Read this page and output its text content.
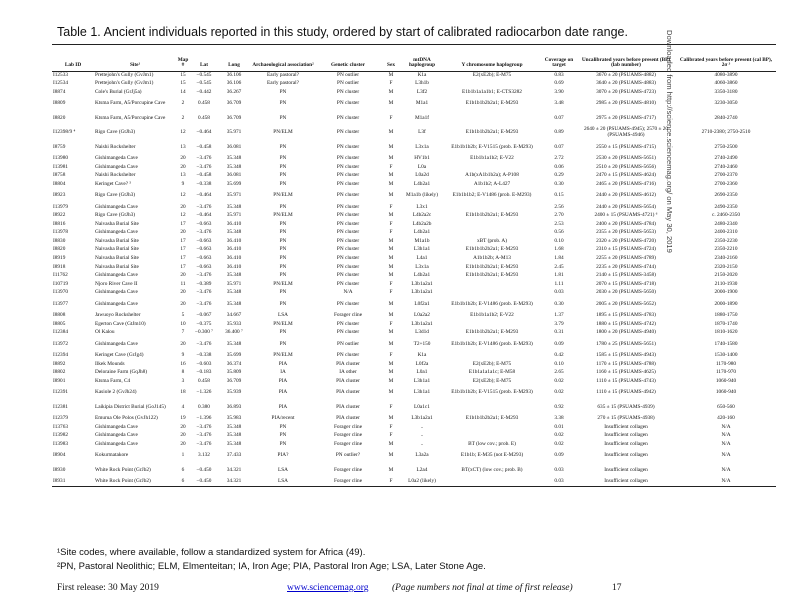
Table 1. Ancient individuals reported in this study, ordered by start of calibrated radiocarbon date range.	Downloaded from http://science.sciencemag.org/ on May 30, 2019
Lab ID	Site¹	Map #	Lat	Long	Archaeological association²	Genetic cluster	Sex	mtDNA haplogroup	Y chromosome haplogroup	Coverage on target	Uncalibrated years before present (BP) (lab number)	Calibrated years before present (cal BP), 2σ ³
I12533	Prettejohn's Gully (GvJm1)	15	−0.545	36.106	Early pastoral?	PN outlier	M	K1a	E2(xE2b); E-M75	0.83	3670 ± 20 (PSUAMS-4882)	4080-3890
I12534	Prettejohn's Gully (GvJm1)	15	−0.545	36.106	Early pastoral?	PN outlier	F	L3h1b		0.69	3640 ± 20 (PSUAMS-4883)	4060-3860
I8874	Cole's Burial (GrJj5a)	14	−0.442	36.267	PN	PN cluster	M	L3f2	E1b1b1a1a1b1; E-CTS3282	3.90	3070 ± 20 (PSUAMS-4723)	3350-3180
I8809	Ktsma Farm, A5/Porcupine Cave	2	0.458	36.709	PN	PN cluster	M	M1a1	E1b1b1b2b2a1; E-M293	3.48	2985 ± 20 (PSUAMS-4810)	3230-3050
I8820	Ktsma Farm, A5/Porcupine Cave	2	0.458	36.709	PN	PN cluster	F	M1a1f		0.07	2975 ± 20 (PSUAMS-4717)	2840-2740
I12398/9 ⁴	Rigo Cave (GtJh3)	12	−0.464	35.971	PN/ELM	PN cluster	M	L3f	E1b1b1b2b2a1; E-M293	0.89	2640 ± 20 (PSUAMS-4945); 2570 ± 20 (PSUAMS-4946)	2710-2380; 2750-2510
I8759	Naishi Rockshelter	13	−0.458	36.081	PN	PN cluster	M	L3x1a	E1b1b1b2b; E-V1515 (prob. E-M293)	0.07	2550 ± 15 (PSUAMS-4715)	2750-2500
I13980	Gishimangeda Cave	20	−3.476	35.348	PN	PN cluster	M	HV1b1	E1b1b1a1b2; E-V22	2.72	2530 ± 20 (PSUAMS-5651)	2740-2490
I13981	Gishimangeda Cave	20	−3.476	35.348	PN	PN cluster	F	L0a		0.06	2510 ± 20 (PSUAMS-5656)	2740-2460
I8758	Naishi Rockshelter	13	−0.458	36.081	PN	PN cluster	M	L0a2d	A1b(xA1b1b2a); A-P108	0.29	2470 ± 15 (PSUAMS-4624)	2700-2370
I8804	Keringet Cave? ⁵	9	−0.338	35.699	PN	PN cluster	M	L4b2a1	A1b1b2; A-L427	0.30	2465 ± 20 (PSUAMS-4716)	2700-2360
I8923	Rigo Cave (GtJh3)	12	−0.464	35.971	PN/ELM	PN cluster	M	M1a1b (likely)	E1b1b1b2; E-V1486 (prob. E-M293)	0.15	2440 ± 20 (PSUAMS-4612)	2690-2350
I13979	Gishimangeda Cave	20	−3.476	35.348	PN	PN cluster	F	L3x1		2.56	2440 ± 20 (PSUAMS-5654)	2490-2350
I8922	Rigo Cave (GtJh3)	12	−0.464	35.971	PN/ELM	PN cluster	M	L4b2a2c	E1b1b1b2b2a1; E-M293	2.70	2400 ± 15 (PSUAMS-4721) ⁶	c. 2460-2350
I8816	Naivasha Burial Site	17	−0.663	36.410	PN	PN cluster	F	L4b2a2b		2.53	2400 ± 20 (PSUAMS-4784)	2480-2340
I13978	Gishimangeda Cave	20	−3.476	35.348	PN	PN cluster	F	L4b2a1		0.56	2355 ± 20 (PSUAMS-5653)	2400-2310
I8830	Naivasha Burial Site	17	−0.663	36.410	PN	PN cluster	M	M1a1b	xBT (prob. A)	0.10	2320 ± 20 (PSUAMS-4720)	2350-2230
I8820	Naivasha Burial Site	17	−0.663	36.410	PN	PN cluster	M	L3h1a1	E1b1b1b2b2a1; E-M293	1.68	2310 ± 15 (PSUAMS-4724)	2350-2210
I8919	Naivasha Burial Site	17	−0.663	36.410	PN	PN cluster	M	L4a1	A1b1b2b; A-M13	1.84	2255 ± 20 (PSUAMS-4789)	2340-2160
I8918	Naivasha Burial Site	17	−0.663	36.410	PN	PN cluster	M	L3x1a	E1b1b1b2b2a1; E-M293	2.45	2235 ± 20 (PSUAMS-4744)	2320-2150
I11762	Gishimangeda Cave	20	−3.476	35.348	PN	PN cluster	M	L4b2a1	E1b1b1b2b2a1; E-M293	1.81	2140 ± 15 (PSUAMS-3458)	2150-2020
I10719	Njoro River Cave II	11	−0.389	35.971	PN/ELM	PN cluster	F	L3b1a2a1		1.11	2070 ± 15 (PSUAMS-4718)	2110-1930
I13970	Gishimangeda Cave	20	−3.476	35.348	PN	N/A	F	L3b1a2a1		0.03	2030 ± 20 (PSUAMS-5650)	2000-1900
I13977	Gishimangeda Cave	20	−3.476	35.348	PN	PN cluster	M	L0f2a1	E1b1b1b2b; E-V1486 (prob. E-M293)	0.30	2005 ± 20 (PSUAMS-5652)	2000-1890
I8808	Jawuoyo Rockshelter	5	−0.067	34.667	LSA	Forager cline	M	L0a2a2	E1b1b1a1b2; E-V22	1.37	1895 ± 15 (PSUAMS-4783)	1880-1750
I8805	Egerton Cave (GtJm10)	10	−0.375	35.933	PN/ELM	PN cluster	F	L3b1a2a1		3.79	1880 ± 15 (PSUAMS-4742)	1870-1740
I12384	Ol Kalou	7	−0.300 ⁷	36.400 ⁷	PN	PN cluster	M	L3d1d	E1b1b1b2b2a1; E-M293	0.31	1800 ± 20 (PSUAMS-4940)	1810-1620
I13972	Gishimangeda Cave	20	−3.476	35.348	PN	PN outlier	M	T2+150	E1b1b1b2b; E-V1486 (prob. E-M293)	0.09	1780 ± 25 (PSUAMS-5651)	1740-1580
I12394	Keringet Cave (GrJg4)	9	−0.338	35.699	PN/ELM	PN cluster	F	K1a		0.42	1585 ± 15 (PSUAMS-4943)	1530-1400
I8892	Ilkek Mounds	16	−0.603	36.374	PIA	PIA cluster	M	L0f2a	E2(xE2b); E-M75	0.10	1170 ± 15 (PSUAMS-4788)	1170-980
I8802	Deloraine Farm (GqJh8)	8	−0.183	35.809	IA	IA other	M	L0a1	E1b1a1a1a1c; E-M58	2.65	1160 ± 15 (PSUAMS-4625)	1170-970
I8901	Ktsma Farm, C4	3	0.458	36.709	PIA	PIA cluster	M	L3h1a1	E2(xE2b); E-M75	0.02	1110 ± 15 (PSUAMS-4743)	1060-940
I12391	Kasiole 2 (GvJh24)	18	−1.326	35.939	PIA	PIA cluster	M	L3h1a1	E1b1b1b2b; E-V1515 (prob. E-M293)	0.02	1110 ± 15 (PSUAMS-4942)	1060-940
I12381	Laikipia District Burial (GoJ145)	4	0.380	36.893	PIA	PIA cluster	F	L0a1c1		0.92	635 ± 15 (PSUAMS-4939)	650-560
I12379	Emurua Ole Polos (GvJh122)	19	−1.396	35.983	PIA/recent	PIA cluster	M	L3b1a2a1	E1b1b1b2b2a1; E-M293	3.38	270 ± 15 (PSUAMS-4938)	420-160
I13763	Gishimangeda Cave	20	−3.476	35.348	PN	Forager cline	F	..		0.01	Insufficient collagen	N/A
I13982	Gishimangeda Cave	20	−3.476	35.348	PN	Forager cline	F	..		0.02	Insufficient collagen	N/A
I13983	Gishimangeda Cave	20	−3.476	35.348	PN	Forager cline	M	..	BT (low cov.; prob. E)	0.02	Insufficient collagen	N/A
I8904	Kokurmatakore	1	3.132	37.433	PIA?	PN outlier?	M	L3a2a	E1b1b; E-M35 (not E-M293)	0.09	Insufficient collagen	N/A
I8930	White Rock Point (GrJb2)	6	−0.450	34.321	LSA	Forager cline	M	L2a4	BT(xCT) (low cov.; prob. B)	0.03	Insufficient collagen	N/A
I8931	White Rock Point (GrJb2)	6	−0.450	34.321	LSA	Forager cline	F	L0a2 (likely)		0.03	Insufficient collagen	N/A
¹Site codes, where available, follow a standardized system for Africa (49).
²PN, Pastoral Neolithic; ELM, Elmenteitan; IA, Iron Age; PIA, Pastoral Iron Age; LSA, Later Stone Age.
First release: 30 May 2019	www.sciencemag.org (Page numbers not final at time of first release)	17
